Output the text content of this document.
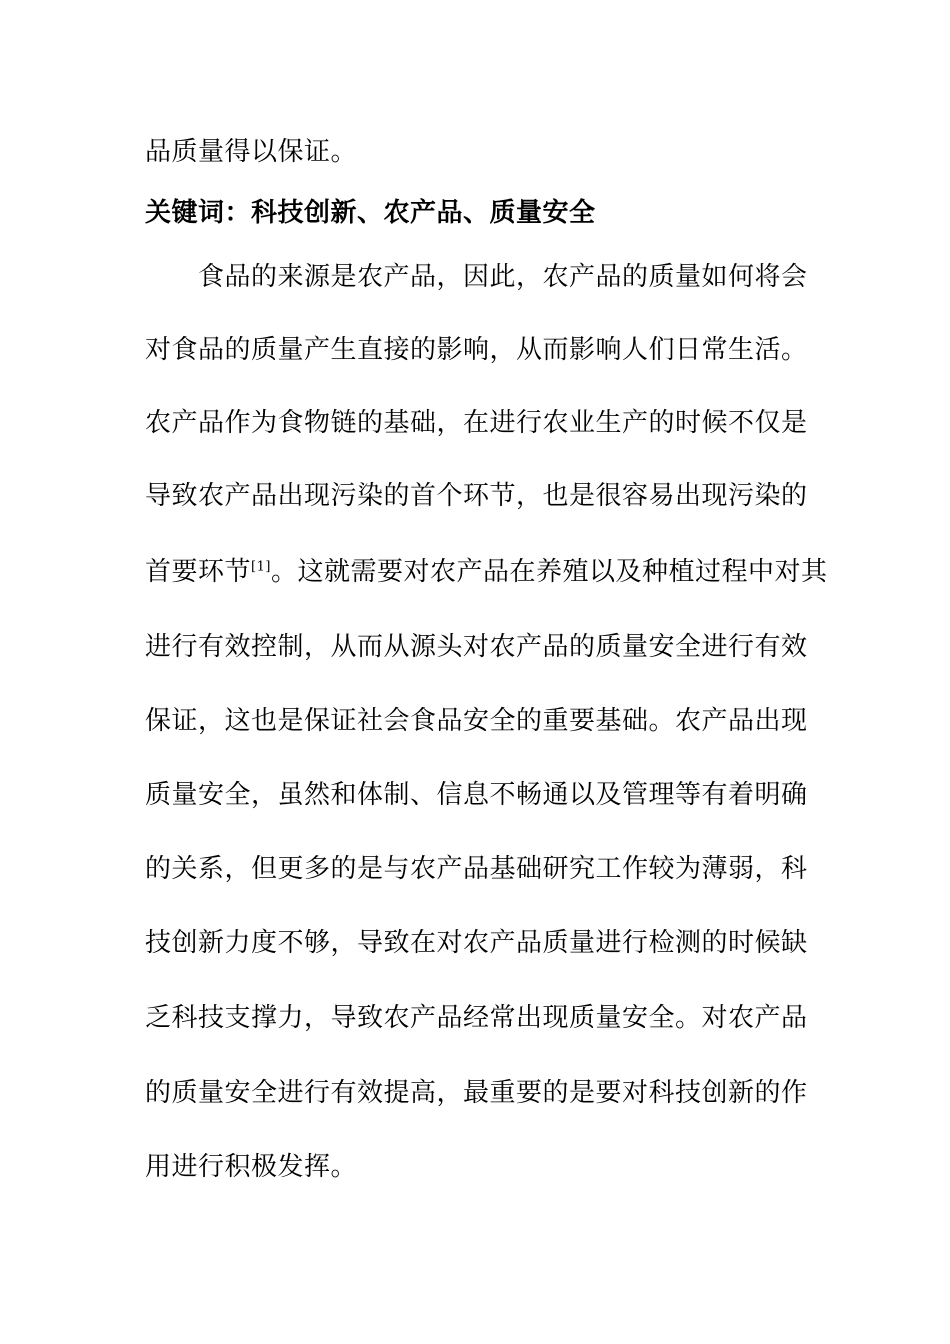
品质量得以保证。
关键词：科技创新、农产品、质量安全
　　食品的来源是农产品，因此，农产品的质量如何将会
对食品的质量产生直接的影响，从而影响人们日常生活。
农产品作为食物链的基础，在进行农业生产的时候不仅是
导致农产品出现污染的首个环节，也是很容易出现污染的
首要环节[1]。这就需要对农产品在养殖以及种植过程中对其
进行有效控制，从而从源头对农产品的质量安全进行有效
保证，这也是保证社会食品安全的重要基础。农产品出现
质量安全，虽然和体制、信息不畅通以及管理等有着明确
的关系，但更多的是与农产品基础研究工作较为薄弱，科
技创新力度不够，导致在对农产品质量进行检测的时候缺
乏科技支撑力，导致农产品经常出现质量安全。对农产品
的质量安全进行有效提高，最重要的是要对科技创新的作
用进行积极发挥。
